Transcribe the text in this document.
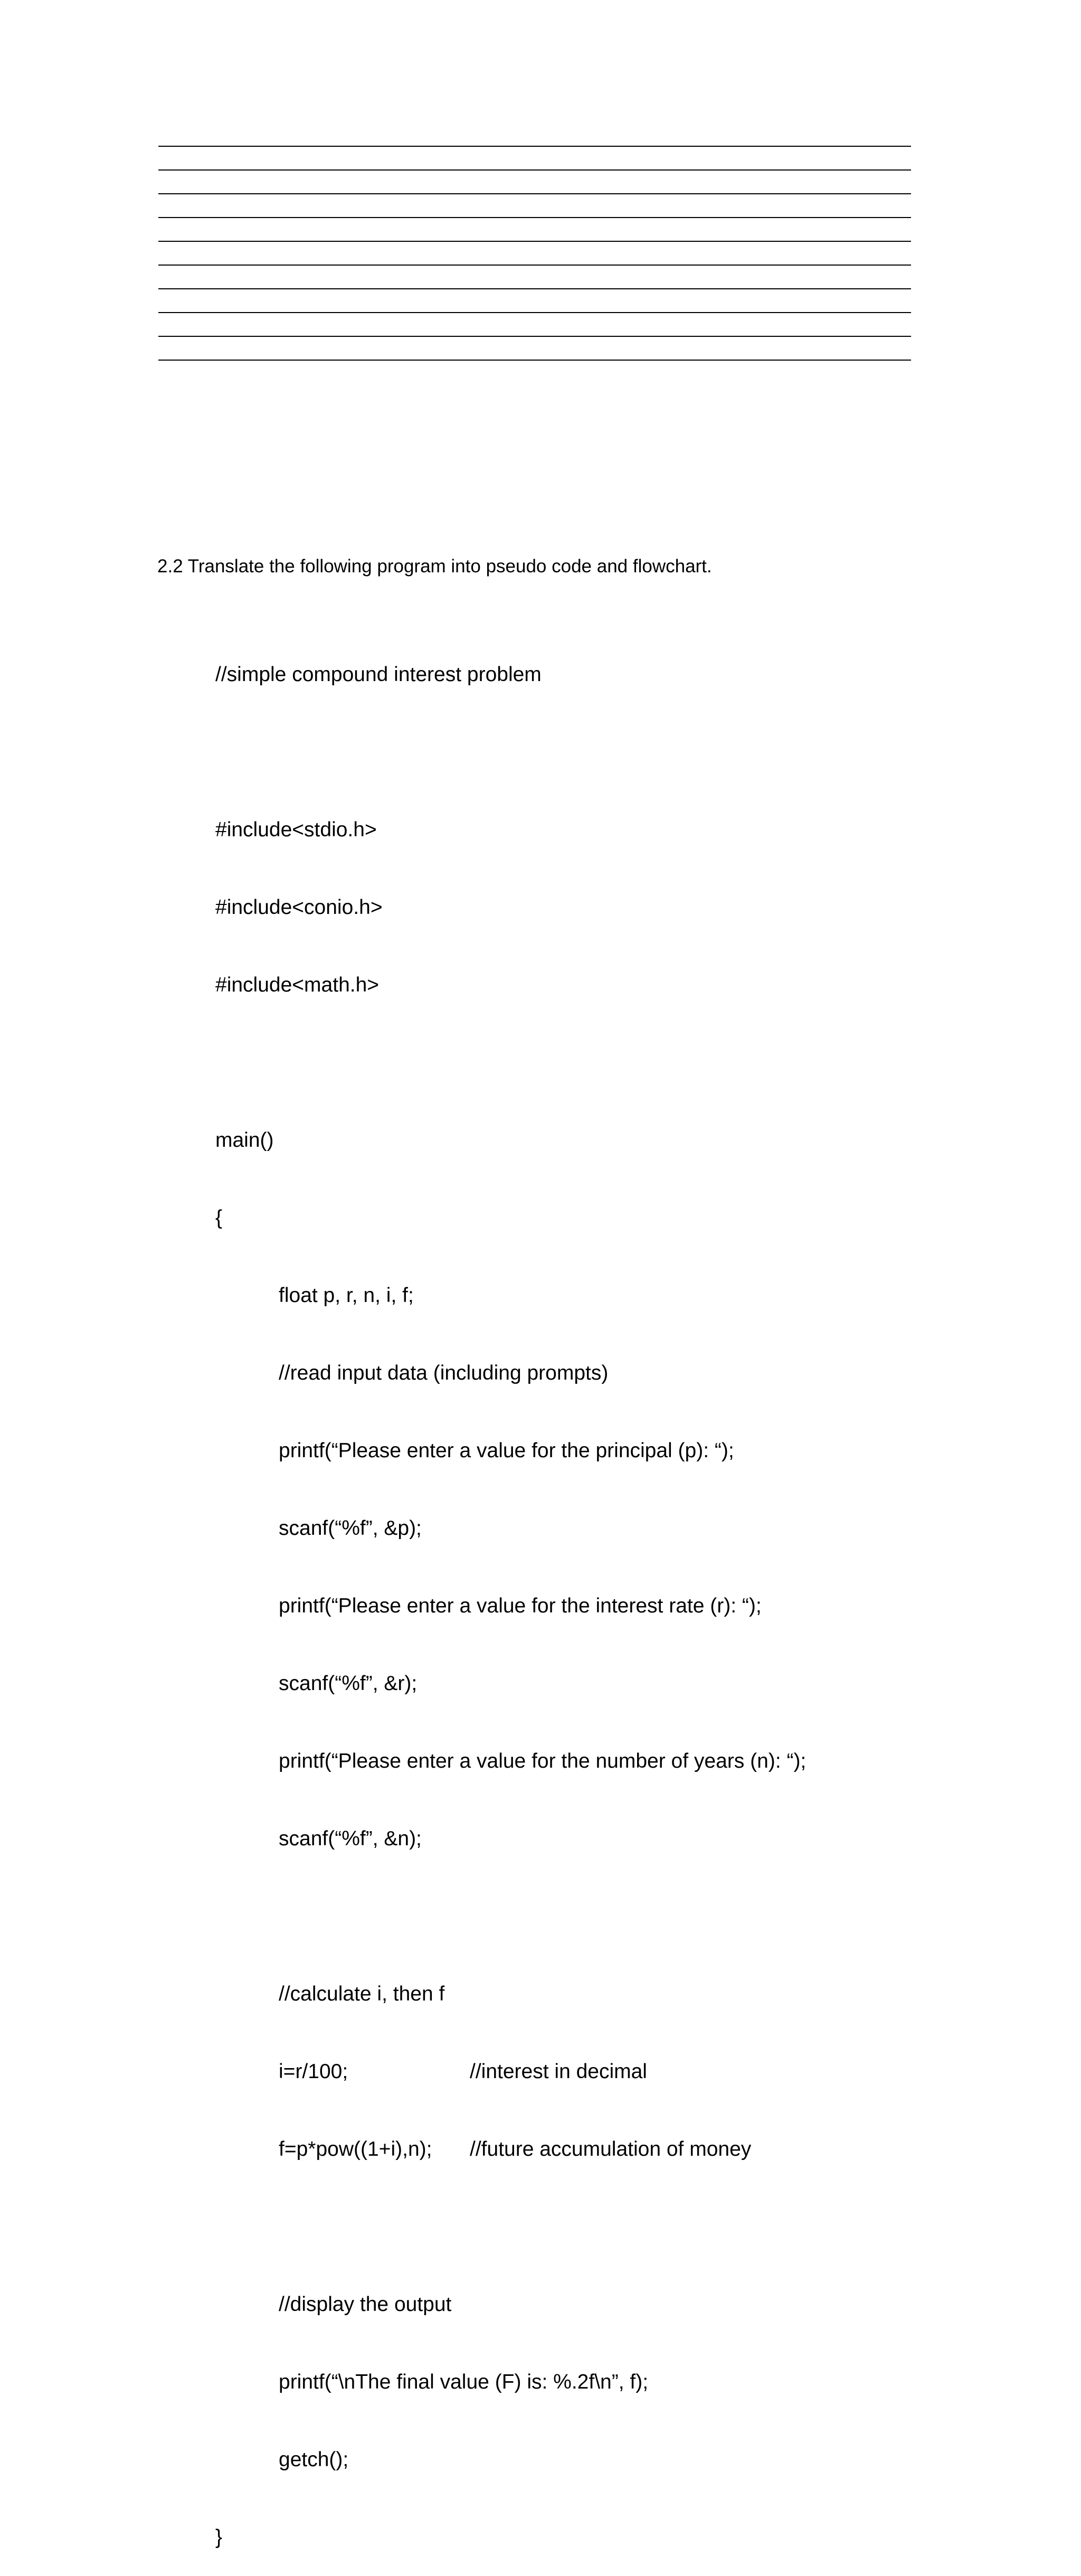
2.2 Translate the following program into pseudo code and flowchart.

//simple compound interest problem

#include<stdio.h>

#include<conio.h>

#include<math.h>

main()

{

float p, r, n, i, f;

//read input data (including prompts)

printf(“Please enter a value for the principal (p): “);

scanf(“%f”, &p);

printf(“Please enter a value for the interest rate (r): “);

scanf(“%f”, &r);

printf(“Please enter a value for the number of years (n): “);

scanf(“%f”, &n);

//calculate i, then f

i=r/100;	//interest in decimal

f=p*pow((1+i),n); //future accumulation of money

//display the output

printf(“\nThe final value (F) is: %.2f\n”, f);

getch();

}
